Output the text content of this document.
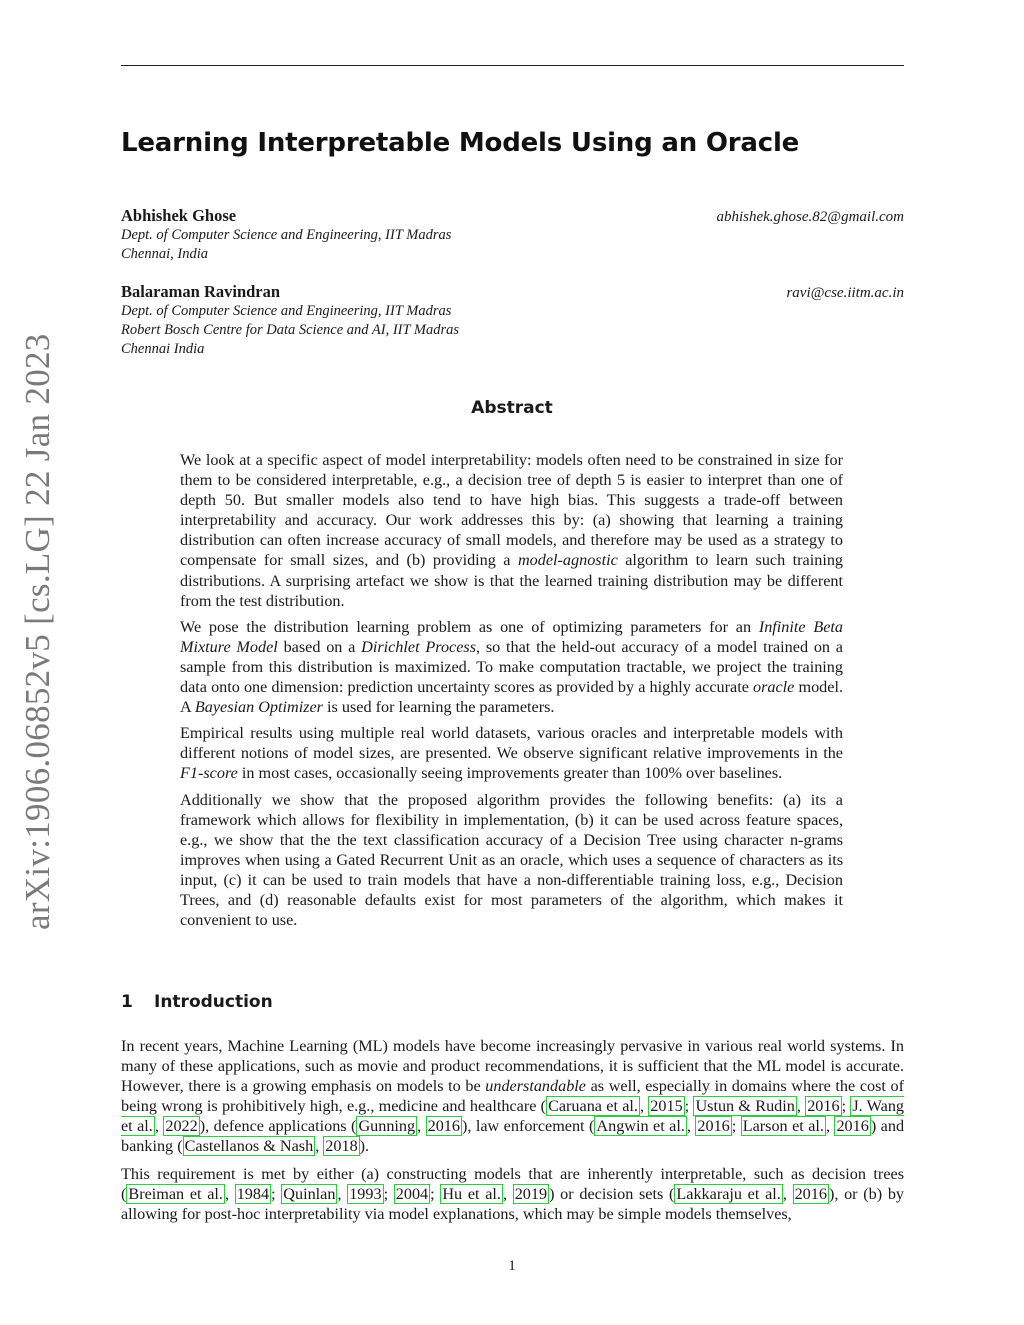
arXiv:1906.06852v5 [cs.LG] 22 Jan 2023
Learning Interpretable Models Using an Oracle
Abhishek Ghose	abhishek.ghose.82@gmail.com
Dept. of Computer Science and Engineering, IIT Madras
Chennai, India
Balaraman Ravindran	ravi@cse.iitm.ac.in
Dept. of Computer Science and Engineering, IIT Madras
Robert Bosch Centre for Data Science and AI, IIT Madras
Chennai India
Abstract

We look at a specific aspect of model interpretability: models often need to be constrained in size for them to be considered interpretable, e.g., a decision tree of depth 5 is easier to interpret than one of depth 50. But smaller models also tend to have high bias. This suggests a trade-off between interpretability and accuracy. Our work addresses this by: (a) showing that learning a training distribution can often increase accuracy of small models, and therefore may be used as a strategy to compensate for small sizes, and (b) providing a model-agnostic algorithm to learn such training distributions. A surprising artefact we show is that the learned training distribution may be different from the test distribution.

We pose the distribution learning problem as one of optimizing parameters for an Infinite Beta Mixture Model based on a Dirichlet Process, so that the held-out accuracy of a model trained on a sample from this distribution is maximized. To make computation tractable, we project the training data onto one dimension: prediction uncertainty scores as provided by a highly accurate oracle model. A Bayesian Optimizer is used for learning the parameters.

Empirical results using multiple real world datasets, various oracles and interpretable models with different notions of model sizes, are presented. We observe significant relative improvements in the F1-score in most cases, occasionally seeing improvements greater than 100% over baselines.

Additionally we show that the proposed algorithm provides the following benefits: (a) its a framework which allows for flexibility in implementation, (b) it can be used across feature spaces, e.g., we show that the the text classification accuracy of a Decision Tree using character n-grams improves when using a Gated Recurrent Unit as an oracle, which uses a sequence of characters as its input, (c) it can be used to train models that have a non-differentiable training loss, e.g., Decision Trees, and (d) reasonable defaults exist for most parameters of the algorithm, which makes it convenient to use.

1 Introduction

In recent years, Machine Learning (ML) models have become increasingly pervasive in various real world systems. In many of these applications, such as movie and product recommendations, it is sufficient that the ML model is accurate. However, there is a growing emphasis on models to be understandable as well, especially in domains where the cost of being wrong is prohibitively high, e.g., medicine and healthcare ( Caruana et al. , 2015 ; Ustun & Rudin , 2016 ; J. Wang et al. , 2022 ), defence applications ( Gunning , 2016 ), law enforcement ( Angwin et al. , 2016 ; Larson et al. , 2016 ) and banking ( Castellanos & Nash , 2018 ).

This requirement is met by either (a) constructing models that are inherently interpretable, such as decision trees ( Breiman et al. , 1984 ; Quinlan , 1993 ; 2004 ; Hu et al. , 2019 ) or decision sets ( Lakkaraju et al. , 2016 ), or (b) by allowing for post-hoc interpretability via model explanations, which may be simple models themselves,

1
